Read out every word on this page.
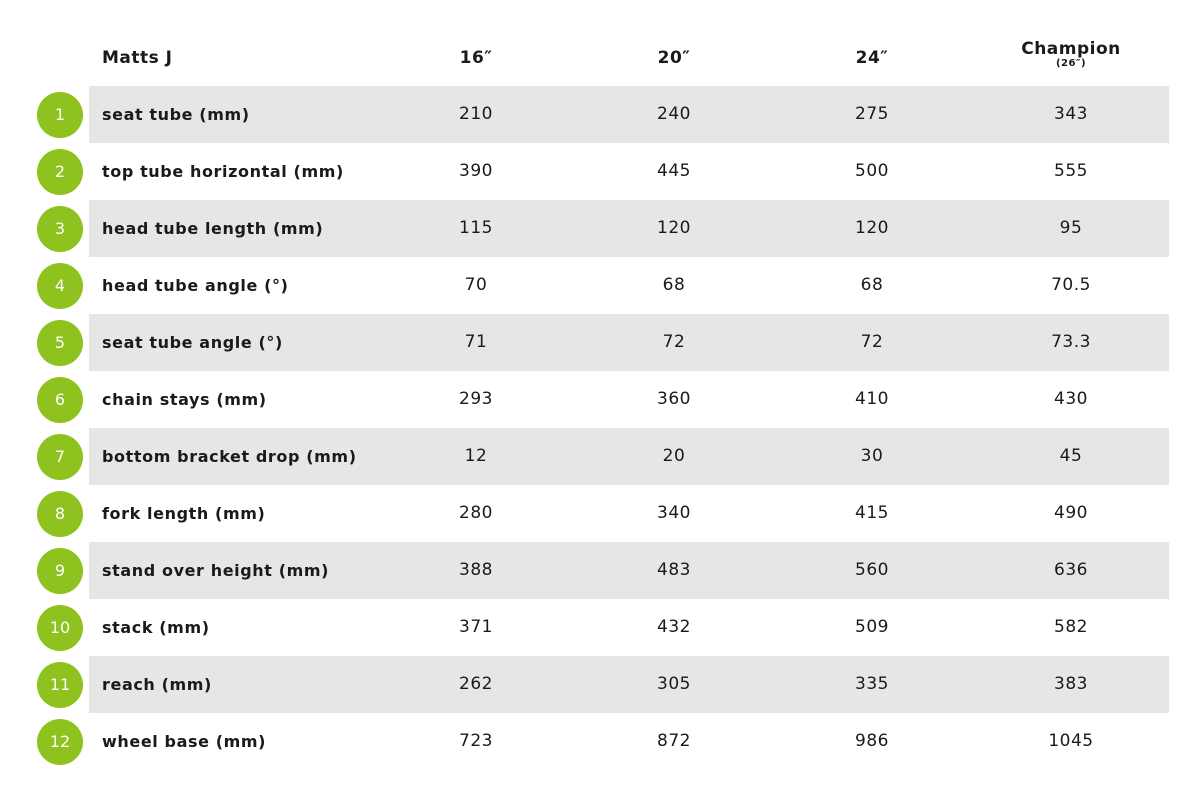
Matts J	16″	20″	24″	Champion
(26″)
1	seat tube (mm)	210	240	275	343
2	top tube horizontal (mm)	390	445	500	555
3	head tube length (mm)	115	120	120	95
4	head tube angle (°)	70	68	68	70.5
5	seat tube angle (°)	71	72	72	73.3
6	chain stays (mm)	293	360	410	430
7	bottom bracket drop (mm)	12	20	30	45
8	fork length (mm)	280	340	415	490
9	stand over height (mm)	388	483	560	636
10	stack (mm)	371	432	509	582
11	reach (mm)	262	305	335	383
12	wheel base (mm)	723	872	986	1045
